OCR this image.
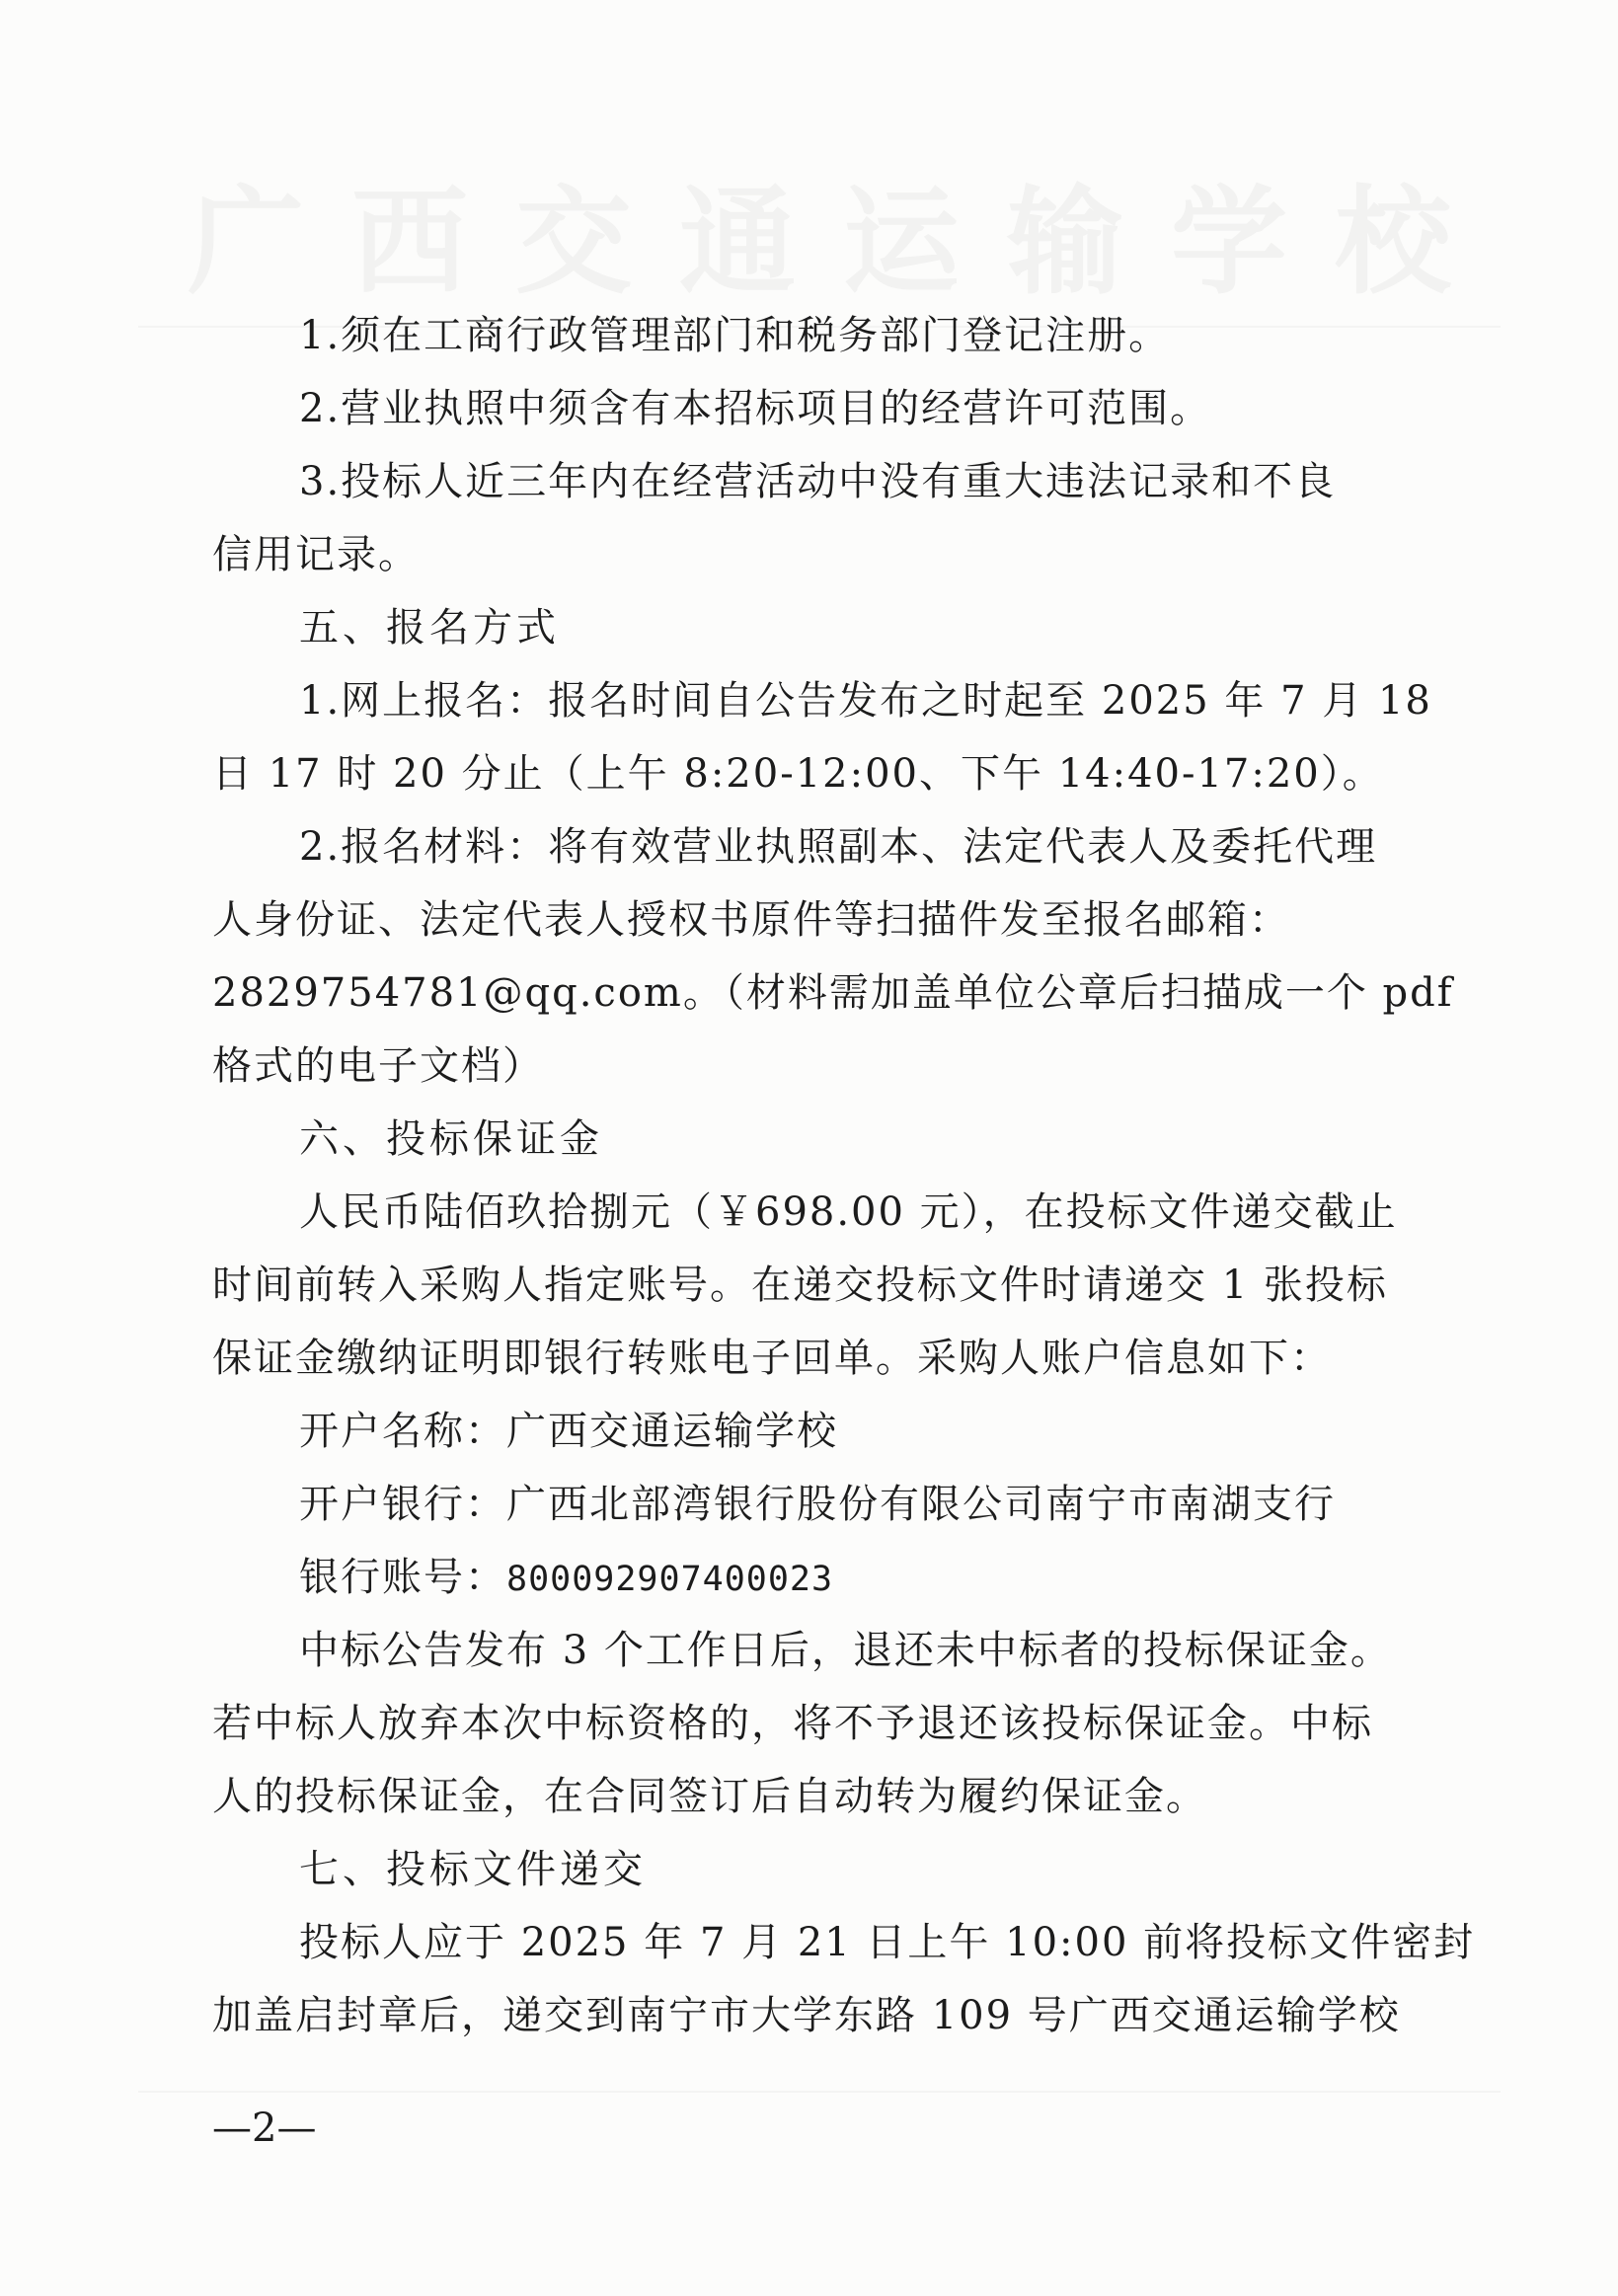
广西交通运输学校
1.须在工商行政管理部门和税务部门登记注册。
2.营业执照中须含有本招标项目的经营许可范围。
3.投标人近三年内在经营活动中没有重大违法记录和不良
信用记录。
五、报名方式
1.网上报名：报名时间自公告发布之时起至 2025 年 7 月 18
日 17 时 20 分止（上午 8:20-12:00、下午 14:40-17:20）。
2.报名材料：将有效营业执照副本、法定代表人及委托代理
人身份证、法定代表人授权书原件等扫描件发至报名邮箱：
2829754781@qq.com。（材料需加盖单位公章后扫描成一个 pdf
格式的电子文档）
六、投标保证金
人民币陆佰玖拾捌元（￥698.00 元），在投标文件递交截止
时间前转入采购人指定账号。在递交投标文件时请递交 1 张投标
保证金缴纳证明即银行转账电子回单。采购人账户信息如下：
开户名称：广西交通运输学校
开户银行：广西北部湾银行股份有限公司南宁市南湖支行
银行账号：800092907400023
中标公告发布 3 个工作日后，退还未中标者的投标保证金。
若中标人放弃本次中标资格的，将不予退还该投标保证金。中标
人的投标保证金，在合同签订后自动转为履约保证金。
七、投标文件递交
投标人应于 2025 年 7 月 21 日上午 10:00 前将投标文件密封
加盖启封章后，递交到南宁市大学东路 109 号广西交通运输学校
—2—
